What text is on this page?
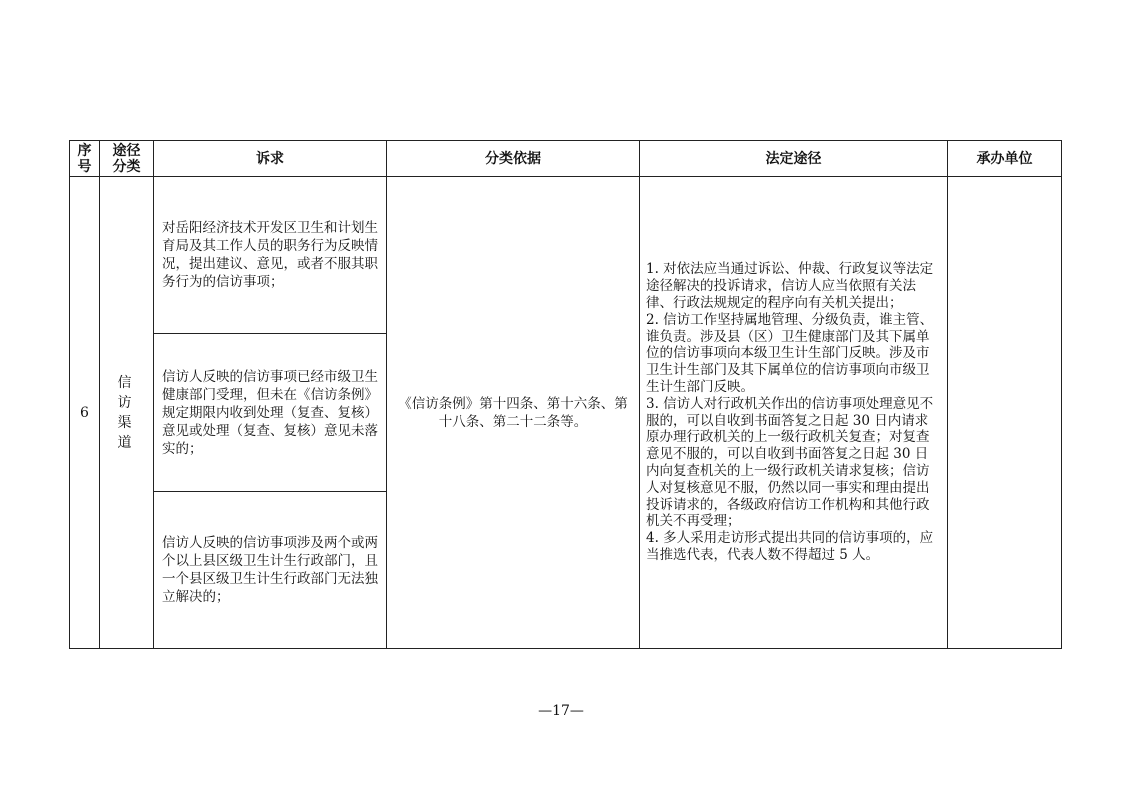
序号	途径分类	诉求	分类依据	法定途径	承办单位
6	信访渠道	对岳阳经济技术开发区卫生和计划生育局及其工作人员的职务行为反映情况，提出建议、意见，或者不服其职务行为的信访事项；	《信访条例》第十四条、第十六条、第十八条、第二十二条等。	1. 对依法应当通过诉讼、仲裁、行政复议等法定途径解决的投诉请求，信访人应当依照有关法律、行政法规规定的程序向有关机关提出；

2. 信访工作坚持属地管理、分级负责，谁主管、谁负责。涉及县（区）卫生健康部门及其下属单位的信访事项向本级卫生计生部门反映。涉及市卫生计生部门及其下属单位的信访事项向市级卫生计生部门反映。

3. 信访人对行政机关作出的信访事项处理意见不服的，可以自收到书面答复之日起 30 日内请求原办理行政机关的上一级行政机关复查；对复查意见不服的，可以自收到书面答复之日起 30 日内向复查机关的上一级行政机关请求复核；信访人对复核意见不服，仍然以同一事实和理由提出投诉请求的，各级政府信访工作机构和其他行政机关不再受理；

4. 多人采用走访形式提出共同的信访事项的，应当推选代表，代表人数不得超过 5 人。	

		信访人反映的信访事项已经市级卫生健康部门受理，但未在《信访条例》规定期限内收到处理（复查、复核）意见或处理（复查、复核）意见未落实的；			
		信访人反映的信访事项涉及两个或两个以上县区级卫生计生行政部门，且一个县区级卫生计生行政部门无法独立解决的；			
—17—
